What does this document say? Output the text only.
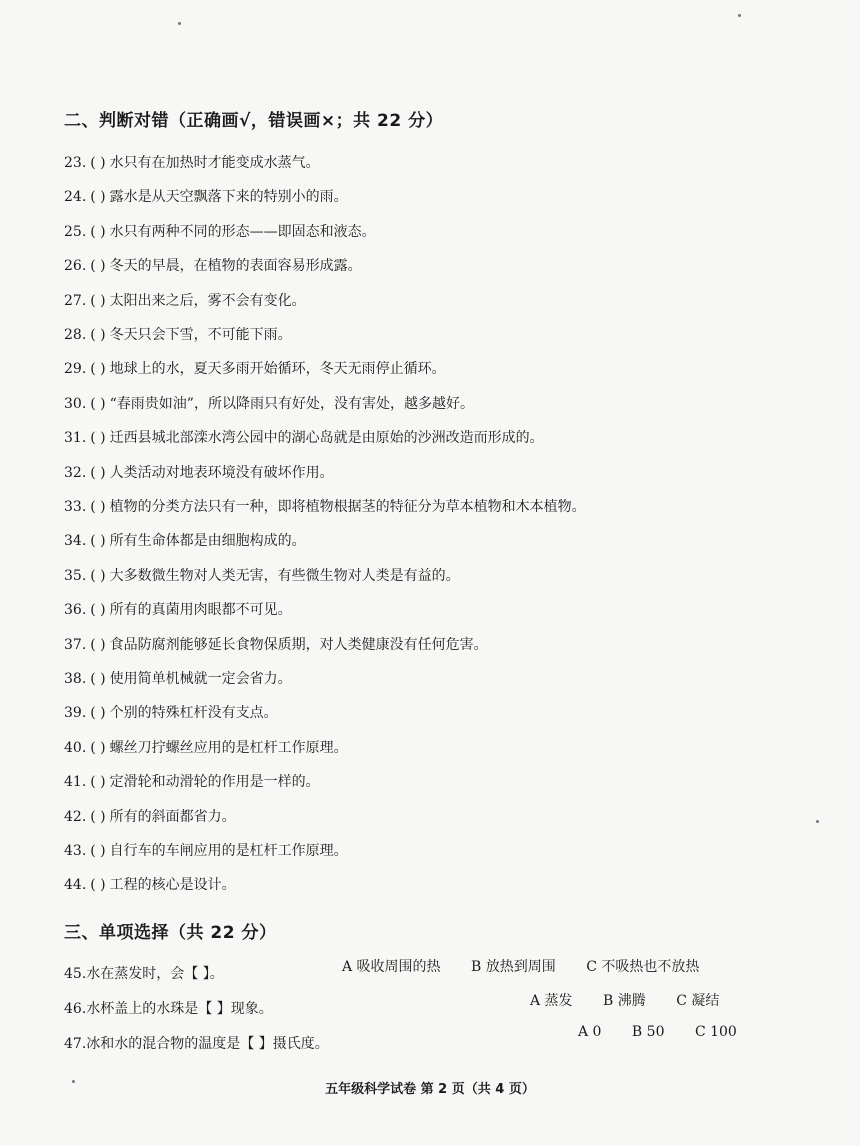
二、判断对错（正确画√，错误画×；共 22 分）
23. ( ) 水只有在加热时才能变成水蒸气。
24. ( ) 露水是从天空飘落下来的特别小的雨。
25. ( ) 水只有两种不同的形态——即固态和液态。
26. ( ) 冬天的早晨，在植物的表面容易形成露。
27. ( ) 太阳出来之后，雾不会有变化。
28. ( ) 冬天只会下雪，不可能下雨。
29. ( ) 地球上的水，夏天多雨开始循环，冬天无雨停止循环。
30. ( ) “春雨贵如油”，所以降雨只有好处，没有害处，越多越好。
31. ( ) 迁西县城北部滦水湾公园中的湖心岛就是由原始的沙洲改造而形成的。
32. ( ) 人类活动对地表环境没有破坏作用。
33. ( ) 植物的分类方法只有一种，即将植物根据茎的特征分为草本植物和木本植物。
34. ( ) 所有生命体都是由细胞构成的。
35. ( ) 大多数微生物对人类无害，有些微生物对人类是有益的。
36. ( ) 所有的真菌用肉眼都不可见。
37. ( ) 食品防腐剂能够延长食物保质期，对人类健康没有任何危害。
38. ( ) 使用简单机械就一定会省力。
39. ( ) 个别的特殊杠杆没有支点。
40. ( ) 螺丝刀拧螺丝应用的是杠杆工作原理。
41. ( ) 定滑轮和动滑轮的作用是一样的。
42. ( ) 所有的斜面都省力。
43. ( ) 自行车的车闸应用的是杠杆工作原理。
44. ( ) 工程的核心是设计。
三、单项选择（共 22 分）
45.水在蒸发时，会【 】。	A 吸收周围的热 B 放热到周围 C 不吸热也不放热
46.水杯盖上的水珠是【 】现象。	A 蒸发 B 沸腾 C 凝结
47.冰和水的混合物的温度是【 】摄氏度。
A 0 B 50 C 100
五年级科学试卷 第 2 页（共 4 页）
